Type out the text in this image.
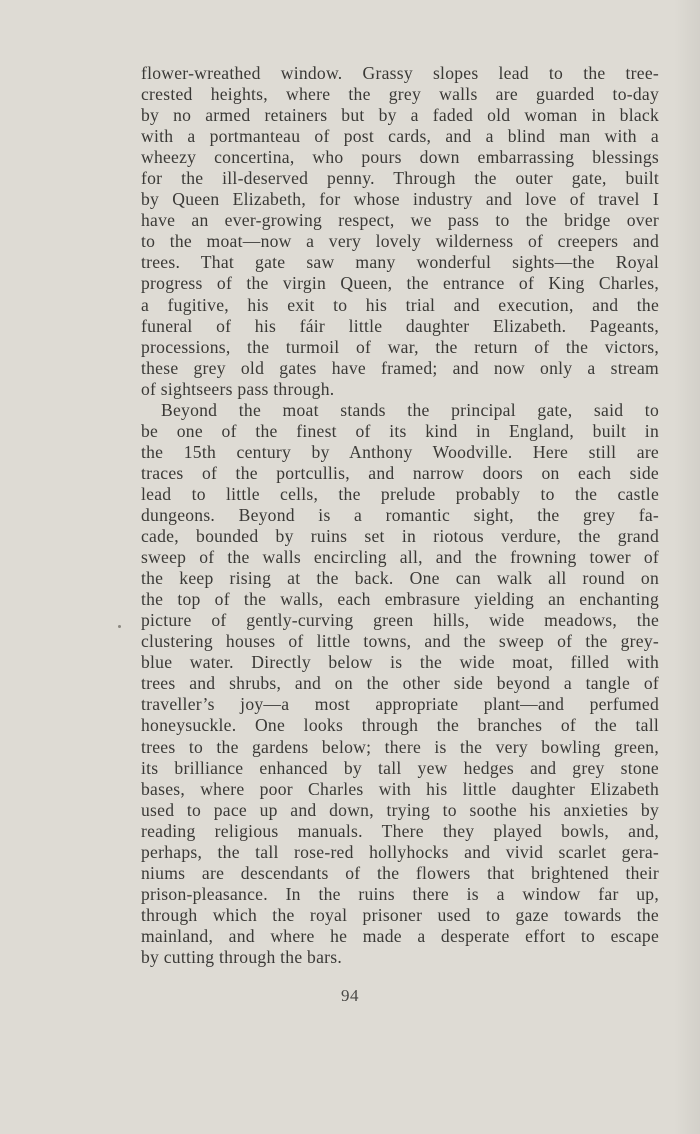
flower-wreathed window. Grassy slopes lead to the tree-
crested heights, where the grey walls are guarded to-day
by no armed retainers but by a faded old woman in black
with a portmanteau of post cards, and a blind man with a
wheezy concertina, who pours down embarrassing blessings
for the ill-deserved penny. Through the outer gate, built
by Queen Elizabeth, for whose industry and love of travel I
have an ever-growing respect, we pass to the bridge over
to the moat—now a very lovely wilderness of creepers and
trees. That gate saw many wonderful sights—the Royal
progress of the virgin Queen, the entrance of King Charles,
a fugitive, his exit to his trial and execution, and the
funeral of his fáir little daughter Elizabeth. Pageants,
processions, the turmoil of war, the return of the victors,
these grey old gates have framed; and now only a stream
of sightseers pass through.
Beyond the moat stands the principal gate, said to
be one of the finest of its kind in England, built in
the 15th century by Anthony Woodville. Here still are
traces of the portcullis, and narrow doors on each side
lead to little cells, the prelude probably to the castle
dungeons. Beyond is a romantic sight, the grey fa-
cade, bounded by ruins set in riotous verdure, the grand
sweep of the walls encircling all, and the frowning tower of
the keep rising at the back. One can walk all round on
the top of the walls, each embrasure yielding an enchanting
picture of gently-curving green hills, wide meadows, the
clustering houses of little towns, and the sweep of the grey-
blue water. Directly below is the wide moat, filled with
trees and shrubs, and on the other side beyond a tangle of
traveller’s joy—a most appropriate plant—and perfumed
honeysuckle. One looks through the branches of the tall
trees to the gardens below; there is the very bowling green,
its brilliance enhanced by tall yew hedges and grey stone
bases, where poor Charles with his little daughter Elizabeth
used to pace up and down, trying to soothe his anxieties by
reading religious manuals. There they played bowls, and,
perhaps, the tall rose-red hollyhocks and vivid scarlet gera-
niums are descendants of the flowers that brightened their
prison-pleasance. In the ruins there is a window far up,
through which the royal prisoner used to gaze towards the
mainland, and where he made a desperate effort to escape
by cutting through the bars.
94
